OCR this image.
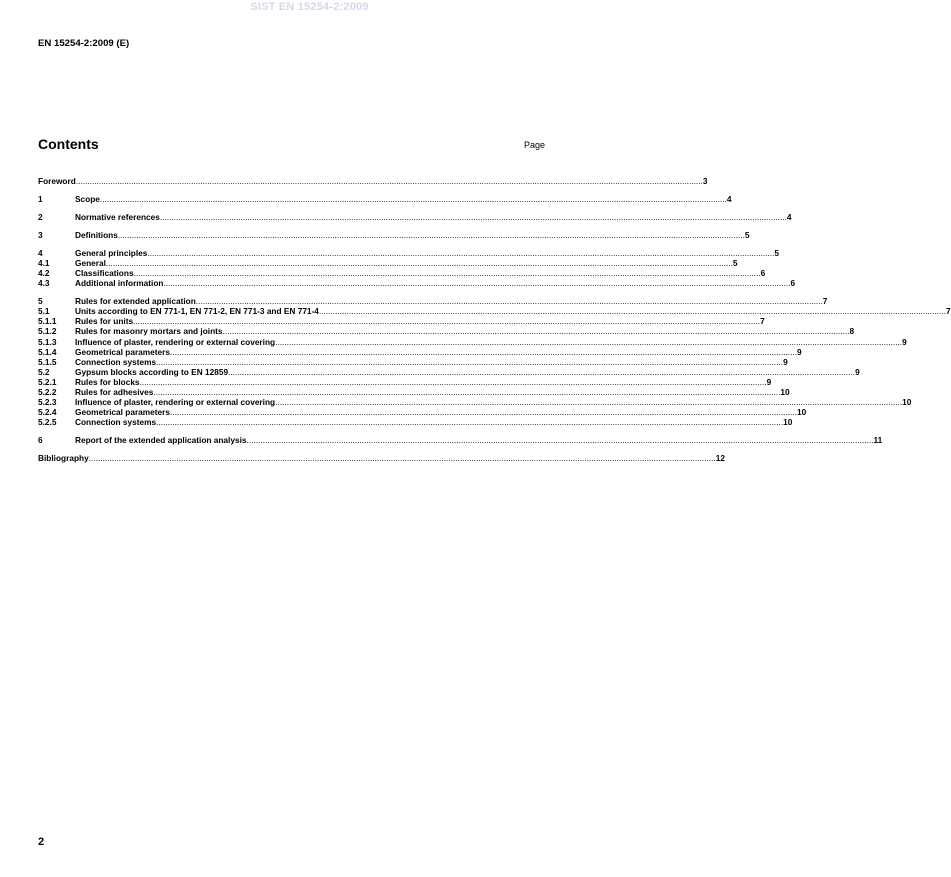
SIST EN 15254-2:2009
EN 15254-2:2009 (E)
Contents	Page
Foreword .....	3
1	Scope .....	4
2	Normative references .....	4
3	Definitions .....	5
4	General principles .....	5
4.1	General .....	5
4.2	Classifications .....	6
4.3	Additional information .....	6
5	Rules for extended application .....	7
5.1	Units according to EN 771-1, EN 771-2, EN 771-3 and EN 771-4 .....	7
5.1.1	Rules for units .....	7
5.1.2	Rules for masonry mortars and joints .....	8
5.1.3	Influence of plaster, rendering or external covering .....	9
5.1.4	Geometrical parameters .....	9
5.1.5	Connection systems .....	9
5.2	Gypsum blocks according to EN 12859 .....	9
5.2.1	Rules for blocks .....	9
5.2.2	Rules for adhesives .....	10
5.2.3	Influence of plaster, rendering or external covering .....	10
5.2.4	Geometrical parameters .....	10
5.2.5	Connection systems .....	10
6	Report of the extended application analysis .....	11
Bibliography .....	12
2
